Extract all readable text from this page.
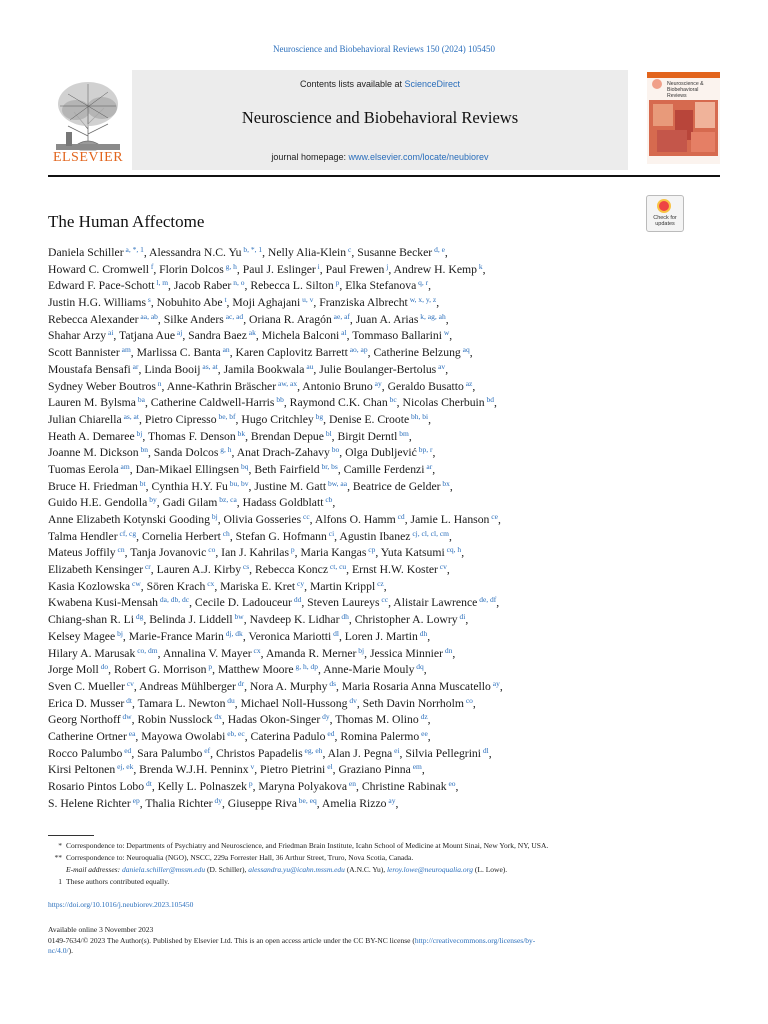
Neuroscience and Biobehavioral Reviews 150 (2024) 105450
ELSEVIER
Contents lists available at ScienceDirect
Neuroscience and Biobehavioral Reviews
journal homepage: www.elsevier.com/locate/neubiorev
Neuroscience & Biobehavioral Reviews
The Human Affectome	Check for
updates
Daniela Schiller $^{a, *, 1}$, Alessandra N.C. Yu $^{b, *, 1}$, Nelly Alia-Klein $^c$, Susanne Becker $^{d, e}$,
Howard C. Cromwell $^f$, Florin Dolcos $^{g, h}$, Paul J. Eslinger $^i$, Paul Frewen $^j$, Andrew H. Kemp $^k$,
Edward F. Pace-Schott $^{l, m}$, Jacob Raber $^{n, o}$, Rebecca L. Silton $^p$, Elka Stefanova $^{q, r}$,
Justin H.G. Williams $^s$, Nobuhito Abe $^t$, Moji Aghajani $^{u, v}$, Franziska Albrecht $^{w, x, y, z}$,
Rebecca Alexander $^{aa, ab}$, Silke Anders $^{ac, ad}$, Oriana R. Aragón $^{ae, af}$, Juan A. Arias $^{k, ag, ah}$,
Shahar Arzy $^{ai}$, Tatjana Aue $^{aj}$, Sandra Baez $^{ak}$, Michela Balconi $^{al}$, Tommaso Ballarini $^w$,
Scott Bannister $^{am}$, Marlissa C. Banta $^{an}$, Karen Caplovitz Barrett $^{ao, ap}$, Catherine Belzung $^{aq}$,
Moustafa Bensafi $^{ar}$, Linda Booij $^{as, at}$, Jamila Bookwala $^{au}$, Julie Boulanger-Bertolus $^{av}$,
Sydney Weber Boutros $^n$, Anne-Kathrin Bräscher $^{aw, ax}$, Antonio Bruno $^{ay}$, Geraldo Busatto $^{az}$,
Lauren M. Bylsma $^{ba}$, Catherine Caldwell-Harris $^{bb}$, Raymond C.K. Chan $^{bc}$, Nicolas Cherbuin $^{bd}$,
Julian Chiarella $^{as, at}$, Pietro Cipresso $^{be, bf}$, Hugo Critchley $^{bg}$, Denise E. Croote $^{bh, bi}$,
Heath A. Demaree $^{bj}$, Thomas F. Denson $^{bk}$, Brendan Depue $^{bl}$, Birgit Derntl $^{bm}$,
Joanne M. Dickson $^{bn}$, Sanda Dolcos $^{g, h}$, Anat Drach-Zahavy $^{bo}$, Olga Dubljević $^{bp, r}$,
Tuomas Eerola $^{am}$, Dan-Mikael Ellingsen $^{bq}$, Beth Fairfield $^{br, bs}$, Camille Ferdenzi $^{ar}$,
Bruce H. Friedman $^{bt}$, Cynthia H.Y. Fu $^{bu, bv}$, Justine M. Gatt $^{bw, aa}$, Beatrice de Gelder $^{bx}$,
Guido H.E. Gendolla $^{by}$, Gadi Gilam $^{bz, ca}$, Hadass Goldblatt $^{cb}$,
Anne Elizabeth Kotynski Gooding $^{bj}$, Olivia Gosseries $^{cc}$, Alfons O. Hamm $^{cd}$, Jamie L. Hanson $^{ce}$,
Talma Hendler $^{cf, cg}$, Cornelia Herbert $^{ch}$, Stefan G. Hofmann $^{ci}$, Agustin Ibanez $^{cj, cl, cl, cm}$,
Mateus Joffily $^{cn}$, Tanja Jovanovic $^{co}$, Ian J. Kahrilas $^p$, Maria Kangas $^{cp}$, Yuta Katsumi $^{cq, h}$,
Elizabeth Kensinger $^{cr}$, Lauren A.J. Kirby $^{cs}$, Rebecca Koncz $^{ct, cu}$, Ernst H.W. Koster $^{cv}$,
Kasia Kozlowska $^{cw}$, Sören Krach $^{cx}$, Mariska E. Kret $^{cy}$, Martin Krippl $^{cz}$,
Kwabena Kusi-Mensah $^{da, db, dc}$, Cecile D. Ladouceur $^{dd}$, Steven Laureys $^{cc}$, Alistair Lawrence $^{de, df}$,
Chiang-shan R. Li $^{dg}$, Belinda J. Liddell $^{bw}$, Navdeep K. Lidhar $^{dh}$, Christopher A. Lowry $^{di}$,
Kelsey Magee $^{bj}$, Marie-France Marin $^{dj, dk}$, Veronica Mariotti $^{dl}$, Loren J. Martin $^{dh}$,
Hilary A. Marusak $^{co, dm}$, Annalina V. Mayer $^{cx}$, Amanda R. Merner $^{bj}$, Jessica Minnier $^{dn}$,
Jorge Moll $^{do}$, Robert G. Morrison $^p$, Matthew Moore $^{g, h, dp}$, Anne-Marie Mouly $^{dq}$,
Sven C. Mueller $^{cv}$, Andreas Mühlberger $^{dr}$, Nora A. Murphy $^{ds}$, Maria Rosaria Anna Muscatello $^{ay}$,
Erica D. Musser $^{dt}$, Tamara L. Newton $^{du}$, Michael Noll-Hussong $^{dv}$, Seth Davin Norrholm $^{co}$,
Georg Northoff $^{dw}$, Robin Nusslock $^{dx}$, Hadas Okon-Singer $^{dy}$, Thomas M. Olino $^{dz}$,
Catherine Ortner $^{ea}$, Mayowa Owolabi $^{eb, ec}$, Caterina Padulo $^{ed}$, Romina Palermo $^{ee}$,
Rocco Palumbo $^{ed}$, Sara Palumbo $^{ef}$, Christos Papadelis $^{eg, eh}$, Alan J. Pegna $^{ei}$, Silvia Pellegrini $^{dl}$,
Kirsi Peltonen $^{ej, ek}$, Brenda W.J.H. Penninx $^v$, Pietro Pietrini $^{el}$, Graziano Pinna $^{em}$,
Rosario Pintos Lobo $^{dt}$, Kelly L. Polnaszek $^p$, Maryna Polyakova $^{en}$, Christine Rabinak $^{eo}$,
S. Helene Richter $^{ep}$, Thalia Richter $^{dy}$, Giuseppe Riva $^{be, eq}$, Amelia Rizzo $^{ay}$,
* Correspondence to: Departments of Psychiatry and Neuroscience, and Friedman Brain Institute, Icahn School of Medicine at Mount Sinai, New York, NY, USA.
** Correspondence to: Neuroqualia (NGO), NSCC, 229a Forrester Hall, 36 Arthur Street, Truro, Nova Scotia, Canada.
E-mail addresses: daniela.schiller@mssm.edu (D. Schiller), alessandra.yu@icahn.mssm.edu (A.N.C. Yu), leroy.lowe@neuroqualia.org (L. Lowe).
1 These authors contributed equally.
https://doi.org/10.1016/j.neubiorev.2023.105450
Available online 3 November 2023
0149-7634/© 2023 The Author(s). Published by Elsevier Ltd. This is an open access article under the CC BY-NC license (http://creativecommons.org/licenses/by-
nc/4.0/).
